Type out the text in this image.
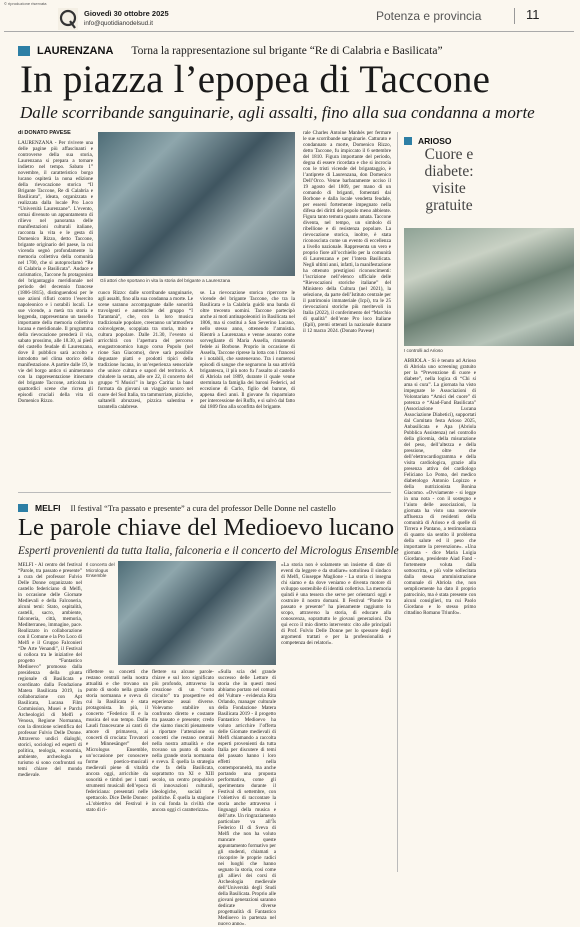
© riproduzione riservata
Giovedì 30 ottobre 2025
info@quotidianodelsud.it
Potenza e provincia	11
LAURENZANA Torna la rappresentazione sul brigante “Re di Calabria e Basilicata”
In piazza l’epopea di Taccone
Dalle scorribande sanguinarie, agli assalti, fino alla sua condanna a morte
di DONATO PAVESE
LAURENZANA - Per rivivere una delle pagine più affascinanti e controverse della sua storia, Laurenzana si prepara a tornare indietro nel tempo. Sabato 1° novembre, il caratteristico borgo lucano ospiterà la nona edizione della rievocazione storica “Il Brigante Taccone, Re di Calabria e Basilicata”, ideata, organizzata e realizzata dalla locale Pro Loco “Università Laurenzane”. L’evento, ormai divenuto un appuntamento di rilievo nel panorama delle manifestazioni culturali italiane, racconta la vita e le gesta di Domenico Rizzo, detto Taccone, brigante originario del paese, la cui vicenda segnò profondamente la memoria collettiva della comunità nel 1700, che si autoproclamò “Re di Calabria e Basilicata”. Audace e carismatico, Taccone fu protagonista del brigantaggio meridionale nel periodo del decennio francese (1806-1815), distinguendosi per le sue azioni rifiuti contro l’esercito napoleonico e i notabili locali. Le sue vicende, a metà tra storia e leggenda, rappresentano un tassello importante della memoria collettiva lucana e meridionale. Il programma della rievocazione prenderà il via, sabato prossimo, alle 18.30, ai piedi del castello feudale di Laurenzana, dove il pubblico sarà accolto e introdotto nel clima storico della manifestazione. A partire dalle 19, le vie del borgo antico si animeranno con la rappresentazione itinerante del brigante Taccone, articolata in quattordici scene che ricrea gli episodi cruciali della vita di Domenico Rizzo.
Gli attori che sportano in vita la storia del brigante a Laurenzana
cuoco Rizzo: dalle scorribande sanguinarie, agli assalti, fino alla sua condanna a morte. Le scene saranno accompagnate dalle sonorità travolgenti e autentiche del gruppo “I Tarantanà”, che, con la loro musica tradizionale popolare, creeranno un’atmosfera coinvolgente, scoppiata tra storia, mito e cultura popolare. Dalle 21.30, l’evento si arricchirà con l’apertura del percorso enogastronomico lungo corso Popolo (nel rione San Giacomo), dove sarà possibile degustare piatti e prodotti tipici della tradizione lucana, in un’esperienza sensoriale che unisce cultura e sapori del territorio. A chiudere la serata, alle ore 22, il concerto del gruppo “I Musici” in largo Caritìa: la band formata da giovani un viaggio sonoro nel cuore del Sud Italia, tra tammurriate, pizziche, saltarelli abruzzesi, pizzica salentina e tarantella calabrese.
se. La rievocazione storica ripercorre le vicende del brigante Taccone, che tra la Basilicata e la Calabria guidò una banda di oltre trecento uomini. Taccone partecipò anche ai moti antinapoleonici in Basilicata nel 1806, ma si costituì a San Severino Lucano, nello stesso anno, ottenendo l’amnistia. Rientrò a Laurenzana e venne assunto come sorvegliante di Maria Assella, rimanendo fedele ai Borbone. Proprio in occasione di Assella, Taccone riprese la lotta con i francesi e i notabili, che sostenevano. Tra i numerosi episodi di sangue che segnarono la sua attività brigantesca, il più noto fu l’assalto al castello di Abriola nel 1809, durante il quale venne sterminata la famiglia dei baroni Federici, ad eccezione di Carlo, figlio del barone, di appena dieci anni. Il giovane fu risparmiato per intercessione dei Ruffo, e si salvò dal fatto dal 1809 fino alla sconfitta del brigante.
rale Charles Antoine Manhès per fermare le sue scorribande sanguinarie. Catturato e condannato a morte, Domenico Rizzo, detto Taccone, fu impiccato il 6 settembre del 1810. Figura importante del periodo, degna di essere ricordata e che si incrocia con le tristi vicende del brigantaggio, è l’antiprete di Laurenzana, don Domenico Dell’Orco. Venne barbaramente ucciso il 19 agosto del 1809, per mano di un comando di briganti, fomentati dai Borbone e dalla locale vendetta feudale, per essersi fortemente impegnato nella difesa dei diritti del popolo meno abbiente. Figura tanto temuta quanto amata. Taccone diventa, nel tempo, un simbolo di ribellione e di resistenza popolare. La rievocazione storica, inoltre, è stata riconosciuta come un evento di eccellenza a livello nazionale. Rappresenta un vero e proprio fiore all’occhiello per la comunità di Laurenzana e per l’intera Basilicata. Negli ultimi anni, infatti, la manifestazione ha ottenuto prestigiosi riconoscimenti: l’iscrizione nell’elenco ufficiale delle “Rievocazioni storiche italiane” del Ministero della Cultura (nel 2021), la selezione, da parte dell’Istituto centrale per il patrimonio immateriale (Icpi), tra le 25 rievocazioni storiche più meritevoli in Italia (2022), il conferimento del “Marchio di qualità” dell’ente Pro loco Italiane (Epli), premi ottenuti la nazionale durante il 12 marzo 2024. (Donato Pavese)
ARIOSO
Cuore e diabete: visite gratuite
I controlli ad Arioso
ABRIOLA - Si è tenuto ad Arioso di Abriola uno screening gratuito per la “Prevenzione di cuore e diabete”, nella logica di “Chi si ama si cura”. La giornata ha visto impegnate le Associazioni di Volontariato “Amici del cuore” di potenza e “Aiad-Fand Basilicata” (Associazione Lucana Associazione Diabetici), supportati dal Comitato festa Arioso 2025, Anbasilicata e Apa (Abriola Pubblica Assistenza) nel controllo della glicemia, della misurazione del peso, dell’altezza e della pressione, oltre che dell’elettrocardiogramma e della visita cardiologica, grazie alla presenza attiva del cardiologo Feliciano Lo Pomo, del medico diabetologo Antonio Lopizzo e della nutrizionista Bonina Giacomo. «Ovviamente - si legge in una nota - con il sostegno e l’aiuto delle associazioni, la giornata ha visto una notevole affluenza di residenti della comunità di Arioso e di quelle di Tirrera e Pantano, a testimonianza di quanto sia sentito il problema della salute ed il peso che importante la prevenzione». «Una giornata - dice Maria Luigia Giordano, presidente Aiad Fand - fortemente voluta dalla sottoscritta, e più volte sollecitata dalla stessa amministrazione comunale di Abriola che, non semplicemente ha dato il proprio patrocinio, ma è stata presente con alcuni consiglieri, tra cui Paolo Giordano e lo stesso primo cittadino Romano Triunfo».
MELFI Il festival “Tra passato e presente” a cura del professor Delle Donne nel castello
Le parole chiave del Medioevo lucano
Esperti provenienti da tutta Italia, falconeria e il concerto del Micrologus Ensemble
MELFI - Al centro del festival “Parole, tra passato e presente” a cura del professor Fulvio Delle Donne organizzato nel castello federiciano di Melfi, in occasione delle Giornate Medievali e della Falconeria, alcuni temi: Stato, ospitalità, castelli, sacro, ambiente, falconeria, città, memoria, Mediterraneo, immagine, pace. Realizzato in collaborazione con il Comune e la Pro Loco di Melfi e il Gruppo Falconieri “De Arte Venandi”, il Festival si colloca tra le iniziative del progetto “Fantastico Medioevo” promosso dalla presidenza della giunta regionale di Basilicata e coordinato dalla Fondazione Matera Basilicata 2019, in collaborazione con Apt Basilicata, Lucana Film Commission, Musei e Parchi Archeologici di Melfi e Venosa, Regione Normanna, con la direzione scientifica del professor Fulvio Delle Donne. Attraverso undici dialoghi, storici, sociologi ed esperti di politica, teologia, economia, ambiente, archeologia e turismo si sono confrontati su temi chiave del mondo medievale.
Il concerto del Micrologus Ensemble
riflettere su concetti che restano centrali nella nostra attualità e che trovano un punto di snodo nella grande storia normanna e sveva di cui la Basilicata è stata protagonista. In più, il concerto “Federico II e la musica del suo tempo. Dalle Laudi francescane ai canti di amore di primavera, ai concerti di crociata: Trovatori e Minnesänger” del Micrologus Ensemble, un’occasione per conoscere forme poetico-musicali medievali piene di vitalità ancora oggi, arricchite da sonorità e timbri per i tanti strumenti musicali dell’epoca federiciana: presentati nelle spettacolo. Dice Delle Donne: «L’obiettivo del Festival è stato di ri-
flettere su alcune parole-chiave e sul loro significato più profondo, attraverso la creazione di un “corto circuito” tra prospettive ed esperienze assai diverse. Volevamo stabilire un confronto diretto e costante tra passato e presente; credo che siamo riusciti pienamente a riportare l’attenzione su concetti che restano centrali nella nostra attualità e che trovano un punto di snodo nella grande storia normanna e sveva. È quella la strategia che fa della Basilicata, soprattutto tra XI e XIII secolo, un centro propulsivo di innovazioni culturali, ideologiche, sociali e politiche. È quella la stagione in cui fonda la civiltà che ancora oggi ci caratterizza».
«Sulla scia del grande successo delle Letture di storia che in questi mesi abbiamo portato nel comuni del Vulture - evidenzia Rita Orlando, manager culturale della Fondazione Matera Basilicata 2019 - il progetto Fantastico Medioevo ha voluto arricchire l’offerta delle Giornate medievali di Melfi chiamando a raccolta esperti provenienti da tutta Italia per discutere di temi del passato hanno i loro effetti nella contemporaneità, ma anche portando una proposta performativa, come gli sperimentato durante il Festival di settembre, con l’obiettivo di raccontare la storia anche attraverso i linguaggi della musica e dell’arte. Un ringraziamento particolare va all’Ìs Federico II di Sveva di Melfi che non ha voluto mancare queste appuntamento formativo per gli studenti, chiamati a riscoprire le proprie radici nei luoghi che hanno segnato la storia, così come gli allievi dei corsi di Archeologia medievale dell’Università degli Studi della Basilicata. Proprio alle giovani generazioni saranno dedicate diverse progettualità di Fantastico Medioevo in partenza nel nuovo anno».
«La storia non è solamente un insieme di date di eventi da leggere e da studiare» sottolinea il sindaco di Melfi, Giuseppe Maglione - La storia ci insegna chi siamo e da dove veniamo e diventa motore di sviluppo sostenibile di identità collettiva. La memoria quindi è una tessera che serve per orientarci oggi e costruire il nostro domani. Il Festival “Parole tra passato e presente” ha pienamente raggiunto lo scopo, attraverso la storia, di educare alla conoscenza, soprattutto le giovani generazioni. Da qui ecco il mio diretto intervento: cito alle principali di Prof. Fulvio Delle Donne per lo spessore degli argomenti trattati e per la professionalità e competenza dei relatori».
